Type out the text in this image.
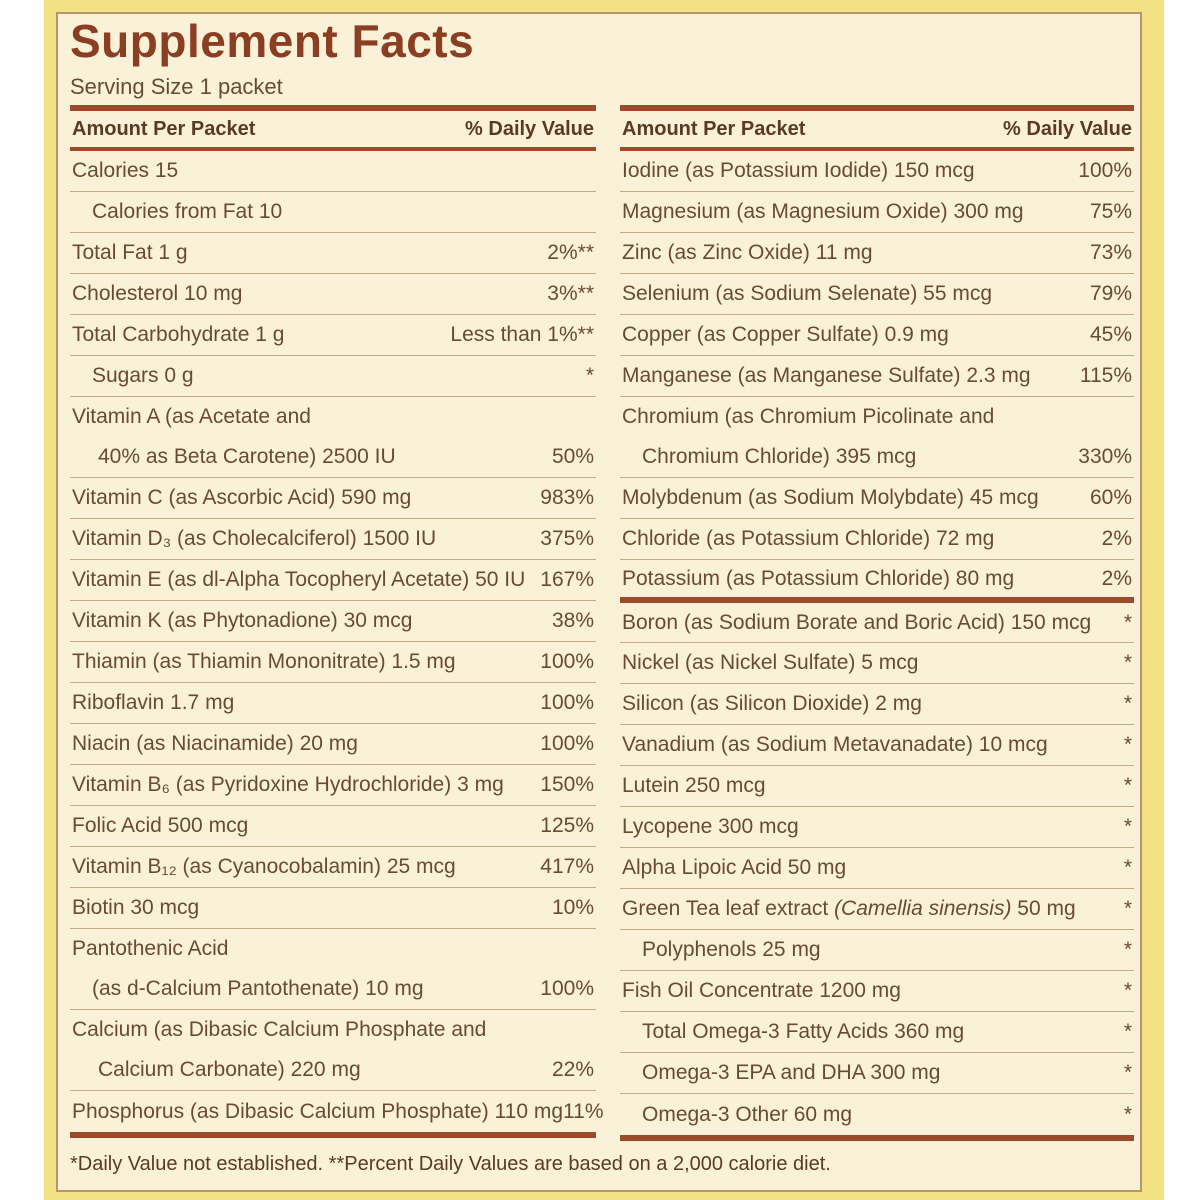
Supplement Facts
Serving Size 1 packet
Amount Per Packet	% Daily Value
Calories 15
Calories from Fat 10
Total Fat 1 g	2%**
Cholesterol 10 mg	3%**
Total Carbohydrate 1 g	Less than 1%**
Sugars 0 g	*
Vitamin A (as Acetate and
40% as Beta Carotene) 2500 IU	50%
Vitamin C (as Ascorbic Acid) 590 mg	983%
Vitamin D₃ (as Cholecalciferol) 1500 IU	375%
Vitamin E (as dl-Alpha Tocopheryl Acetate) 50 IU 167%
Vitamin K (as Phytonadione) 30 mcg	38%
Thiamin (as Thiamin Mononitrate) 1.5 mg	100%
Riboflavin 1.7 mg	100%
Niacin (as Niacinamide) 20 mg	100%
Vitamin B₆ (as Pyridoxine Hydrochloride) 3 mg 150%
Folic Acid 500 mcg	125%
Vitamin B₁₂ (as Cyanocobalamin) 25 mcg	417%
Biotin 30 mcg	10%
Pantothenic Acid
(as d-Calcium Pantothenate) 10 mg	100%
Calcium (as Dibasic Calcium Phosphate and
Calcium Carbonate) 220 mg	22%
Phosphorus (as Dibasic Calcium Phosphate) 110 mg 11%
Amount Per Packet	% Daily Value
Iodine (as Potassium Iodide) 150 mcg	100%
Magnesium (as Magnesium Oxide) 300 mg	75%
Zinc (as Zinc Oxide) 11 mg	73%
Selenium (as Sodium Selenate) 55 mcg	79%
Copper (as Copper Sulfate) 0.9 mg	45%
Manganese (as Manganese Sulfate) 2.3 mg 115%
Chromium (as Chromium Picolinate and
Chromium Chloride) 395 mcg	330%
Molybdenum (as Sodium Molybdate) 45 mcg 60%
Chloride (as Potassium Chloride) 72 mg	2%
Potassium (as Potassium Chloride) 80 mg	2%
Boron (as Sodium Borate and Boric Acid) 150 mcg *
Nickel (as Nickel Sulfate) 5 mcg	*
Silicon (as Silicon Dioxide) 2 mg	*
Vanadium (as Sodium Metavanadate) 10 mcg	*
Lutein 250 mcg	*
Lycopene 300 mcg	*
Alpha Lipoic Acid 50 mg	*
Green Tea leaf extract (Camellia sinensis) 50 mg *
Polyphenols 25 mg	*
Fish Oil Concentrate 1200 mg	*
Total Omega-3 Fatty Acids 360 mg	*
Omega-3 EPA and DHA 300 mg	*
Omega-3 Other 60 mg	*
*Daily Value not established. **Percent Daily Values are based on a 2,000 calorie diet.
